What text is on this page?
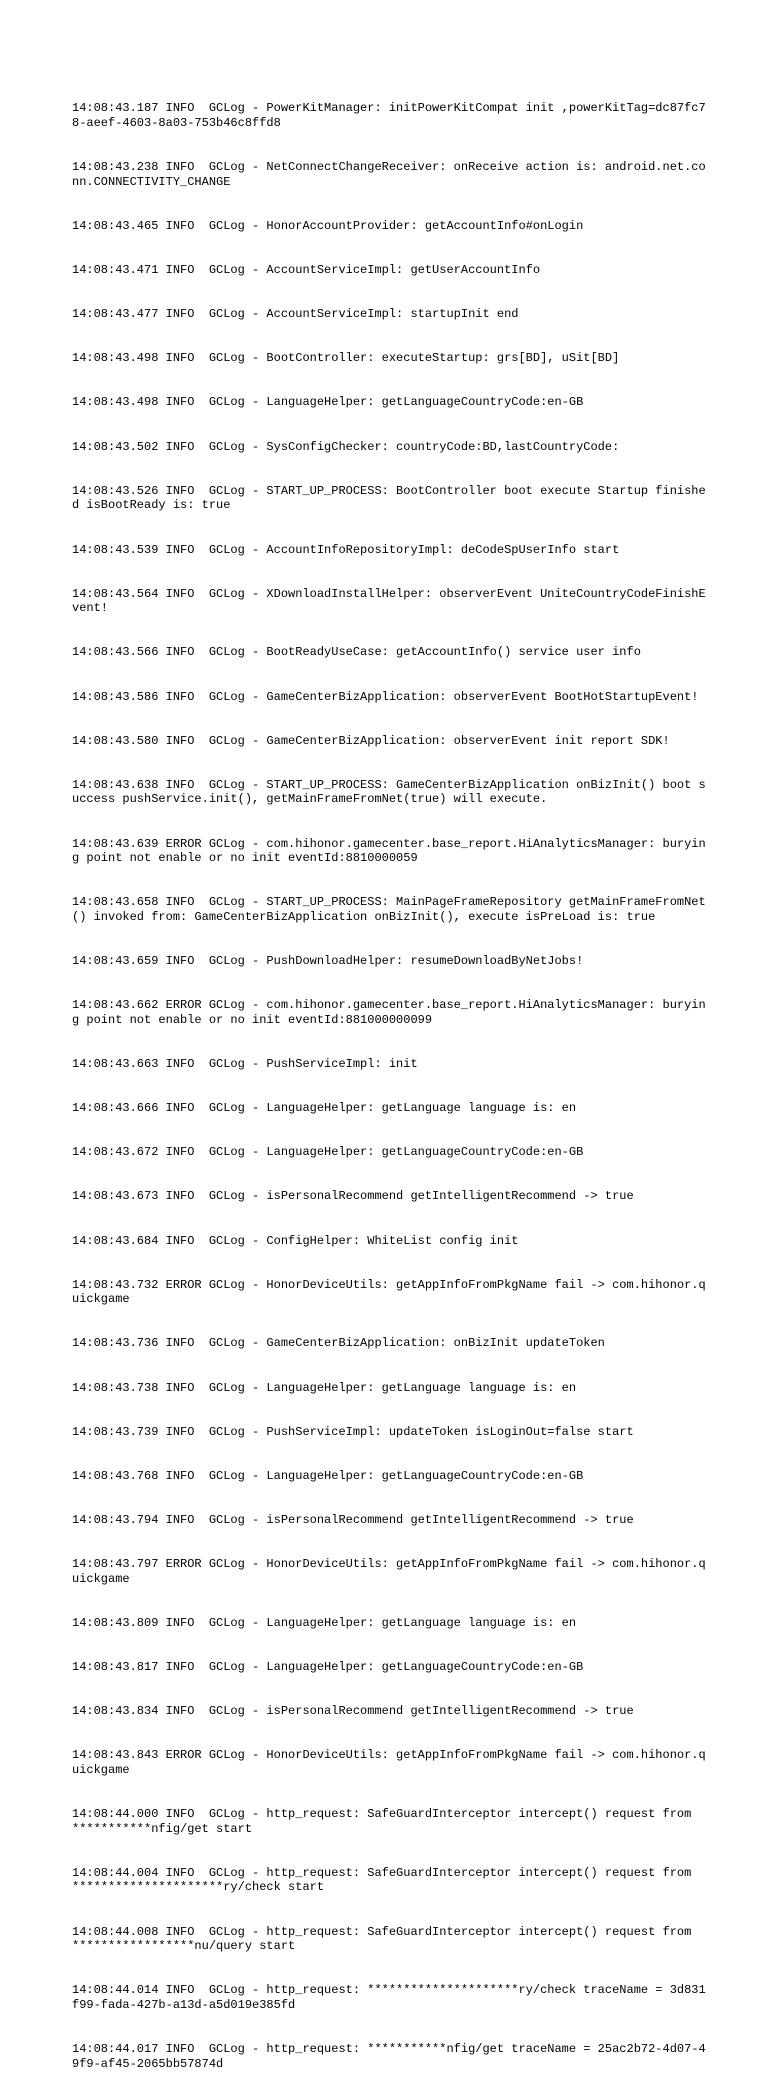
14:08:43.187 INFO  GCLog - PowerKitManager: initPowerKitCompat init ,powerKitTag=dc87fc78-aeef-4603-8a03-753b46c8ffd8

14:08:43.238 INFO  GCLog - NetConnectChangeReceiver: onReceive action is: android.net.conn.CONNECTIVITY_CHANGE

14:08:43.465 INFO  GCLog - HonorAccountProvider: getAccountInfo#onLogin

14:08:43.471 INFO  GCLog - AccountServiceImpl: getUserAccountInfo

14:08:43.477 INFO  GCLog - AccountServiceImpl: startupInit end

14:08:43.498 INFO  GCLog - BootController: executeStartup: grs[BD], uSit[BD]

14:08:43.498 INFO  GCLog - LanguageHelper: getLanguageCountryCode:en-GB

14:08:43.502 INFO  GCLog - SysConfigChecker: countryCode:BD,lastCountryCode:

14:08:43.526 INFO  GCLog - START_UP_PROCESS: BootController boot execute Startup finished isBootReady is: true

14:08:43.539 INFO  GCLog - AccountInfoRepositoryImpl: deCodeSpUserInfo start

14:08:43.564 INFO  GCLog - XDownloadInstallHelper: observerEvent UniteCountryCodeFinishEvent!

14:08:43.566 INFO  GCLog - BootReadyUseCase: getAccountInfo() service user info

14:08:43.586 INFO  GCLog - GameCenterBizApplication: observerEvent BootHotStartupEvent!

14:08:43.580 INFO  GCLog - GameCenterBizApplication: observerEvent init report SDK!

14:08:43.638 INFO  GCLog - START_UP_PROCESS: GameCenterBizApplication onBizInit() boot success pushService.init(), getMainFrameFromNet(true) will execute.

14:08:43.639 ERROR GCLog - com.hihonor.gamecenter.base_report.HiAnalyticsManager: burying point not enable or no init eventId:8810000059

14:08:43.658 INFO  GCLog - START_UP_PROCESS: MainPageFrameRepository getMainFrameFromNet() invoked from: GameCenterBizApplication onBizInit(), execute isPreLoad is: true

14:08:43.659 INFO  GCLog - PushDownloadHelper: resumeDownloadByNetJobs!

14:08:43.662 ERROR GCLog - com.hihonor.gamecenter.base_report.HiAnalyticsManager: burying point not enable or no init eventId:881000000099

14:08:43.663 INFO  GCLog - PushServiceImpl: init

14:08:43.666 INFO  GCLog - LanguageHelper: getLanguage language is: en

14:08:43.672 INFO  GCLog - LanguageHelper: getLanguageCountryCode:en-GB

14:08:43.673 INFO  GCLog - isPersonalRecommend getIntelligentRecommend -> true

14:08:43.684 INFO  GCLog - ConfigHelper: WhiteList config init

14:08:43.732 ERROR GCLog - HonorDeviceUtils: getAppInfoFromPkgName fail -> com.hihonor.quickgame

14:08:43.736 INFO  GCLog - GameCenterBizApplication: onBizInit updateToken

14:08:43.738 INFO  GCLog - LanguageHelper: getLanguage language is: en

14:08:43.739 INFO  GCLog - PushServiceImpl: updateToken isLoginOut=false start

14:08:43.768 INFO  GCLog - LanguageHelper: getLanguageCountryCode:en-GB

14:08:43.794 INFO  GCLog - isPersonalRecommend getIntelligentRecommend -> true

14:08:43.797 ERROR GCLog - HonorDeviceUtils: getAppInfoFromPkgName fail -> com.hihonor.quickgame

14:08:43.809 INFO  GCLog - LanguageHelper: getLanguage language is: en

14:08:43.817 INFO  GCLog - LanguageHelper: getLanguageCountryCode:en-GB

14:08:43.834 INFO  GCLog - isPersonalRecommend getIntelligentRecommend -> true

14:08:43.843 ERROR GCLog - HonorDeviceUtils: getAppInfoFromPkgName fail -> com.hihonor.quickgame

14:08:44.000 INFO  GCLog - http_request: SafeGuardInterceptor intercept() request from  ***********nfig/get start

14:08:44.004 INFO  GCLog - http_request: SafeGuardInterceptor intercept() request from  *********************ry/check start

14:08:44.008 INFO  GCLog - http_request: SafeGuardInterceptor intercept() request from  *****************nu/query start

14:08:44.014 INFO  GCLog - http_request: *********************ry/check traceName = 3d831f99-fada-427b-a13d-a5d019e385fd

14:08:44.017 INFO  GCLog - http_request: ***********nfig/get traceName = 25ac2b72-4d07-49f9-af45-2065bb57874d
